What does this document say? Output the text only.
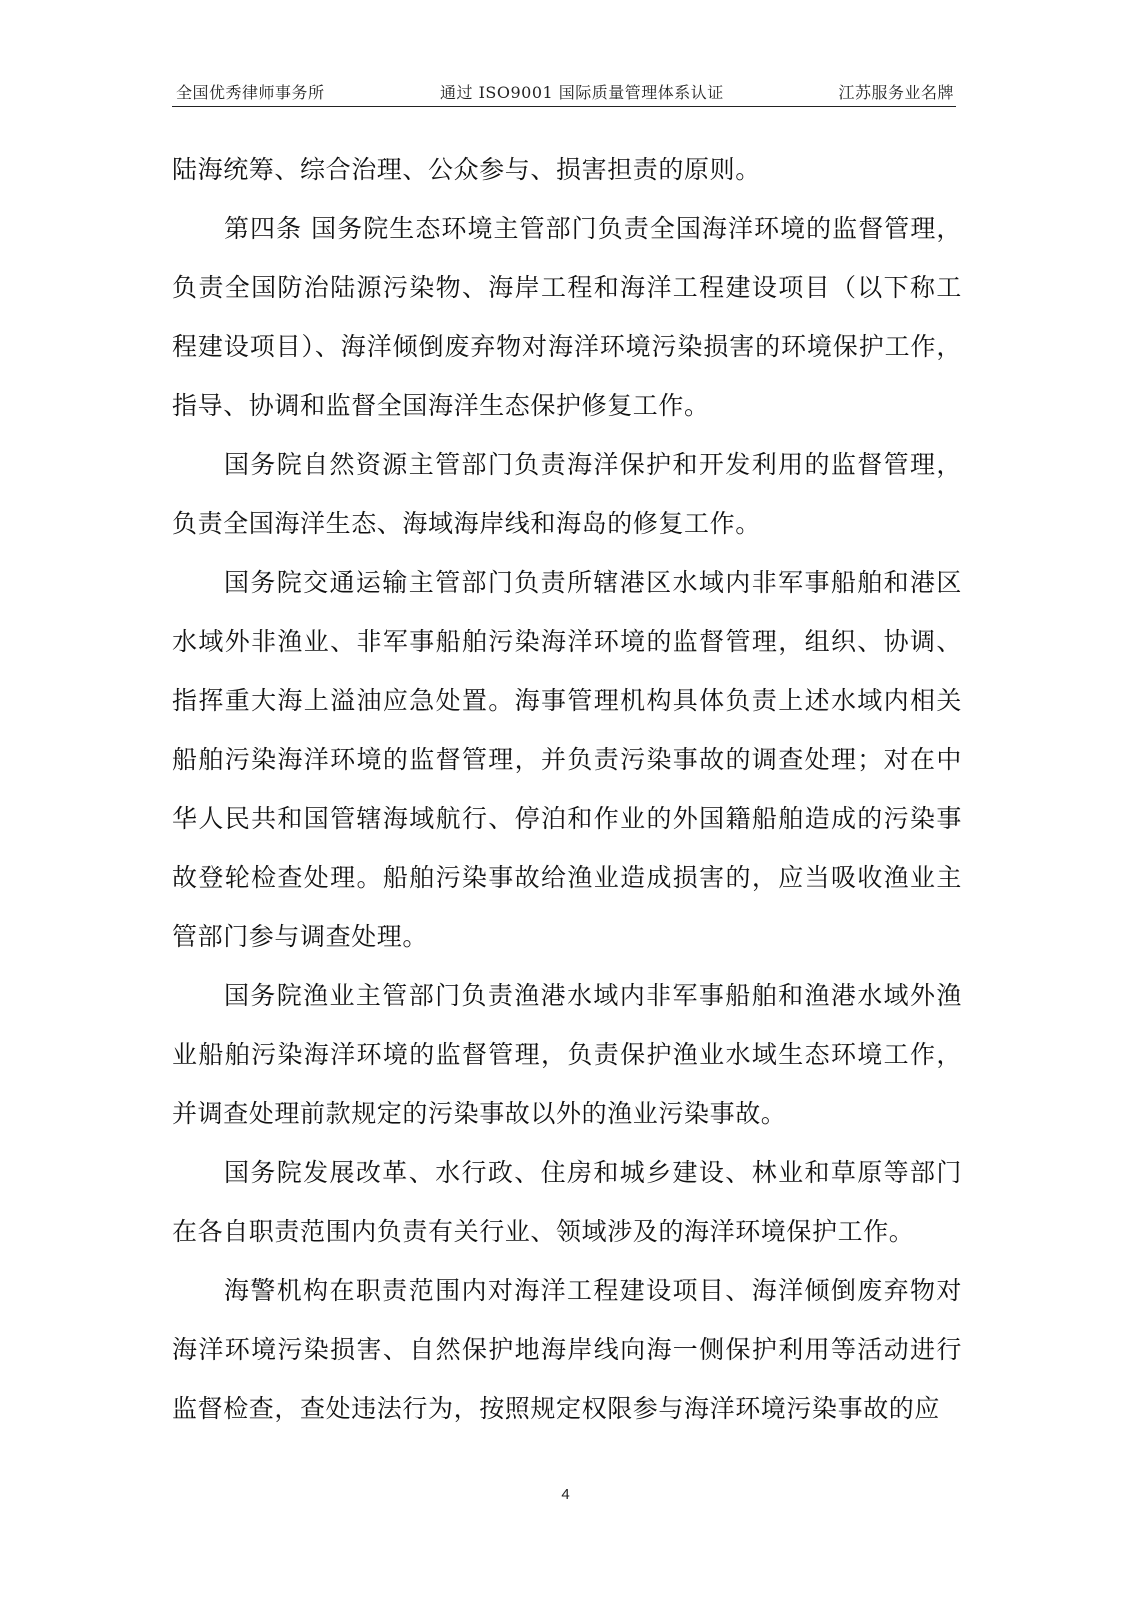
全国优秀律师事务所	通过 ISO9001 国际质量管理体系认证	江苏服务业名牌

陆海统筹、综合治理、公众参与、损害担责的原则。

第四条 国务院生态环境主管部门负责全国海洋环境的监督管理，负责全国防治陆源污染物、海岸工程和海洋工程建设项目（以下称工程建设项目）、海洋倾倒废弃物对海洋环境污染损害的环境保护工作，指导、协调和监督全国海洋生态保护修复工作。

国务院自然资源主管部门负责海洋保护和开发利用的监督管理，负责全国海洋生态、海域海岸线和海岛的修复工作。

国务院交通运输主管部门负责所辖港区水域内非军事船舶和港区水域外非渔业、非军事船舶污染海洋环境的监督管理，组织、协调、指挥重大海上溢油应急处置。海事管理机构具体负责上述水域内相关船舶污染海洋环境的监督管理，并负责污染事故的调查处理；对在中华人民共和国管辖海域航行、停泊和作业的外国籍船舶造成的污染事故登轮检查处理。船舶污染事故给渔业造成损害的，应当吸收渔业主管部门参与调查处理。

国务院渔业主管部门负责渔港水域内非军事船舶和渔港水域外渔业船舶污染海洋环境的监督管理，负责保护渔业水域生态环境工作，并调查处理前款规定的污染事故以外的渔业污染事故。

国务院发展改革、水行政、住房和城乡建设、林业和草原等部门在各自职责范围内负责有关行业、领域涉及的海洋环境保护工作。

海警机构在职责范围内对海洋工程建设项目、海洋倾倒废弃物对海洋环境污染损害、自然保护地海岸线向海一侧保护利用等活动进行监督检查，查处违法行为，按照规定权限参与海洋环境污染事故的应

4
